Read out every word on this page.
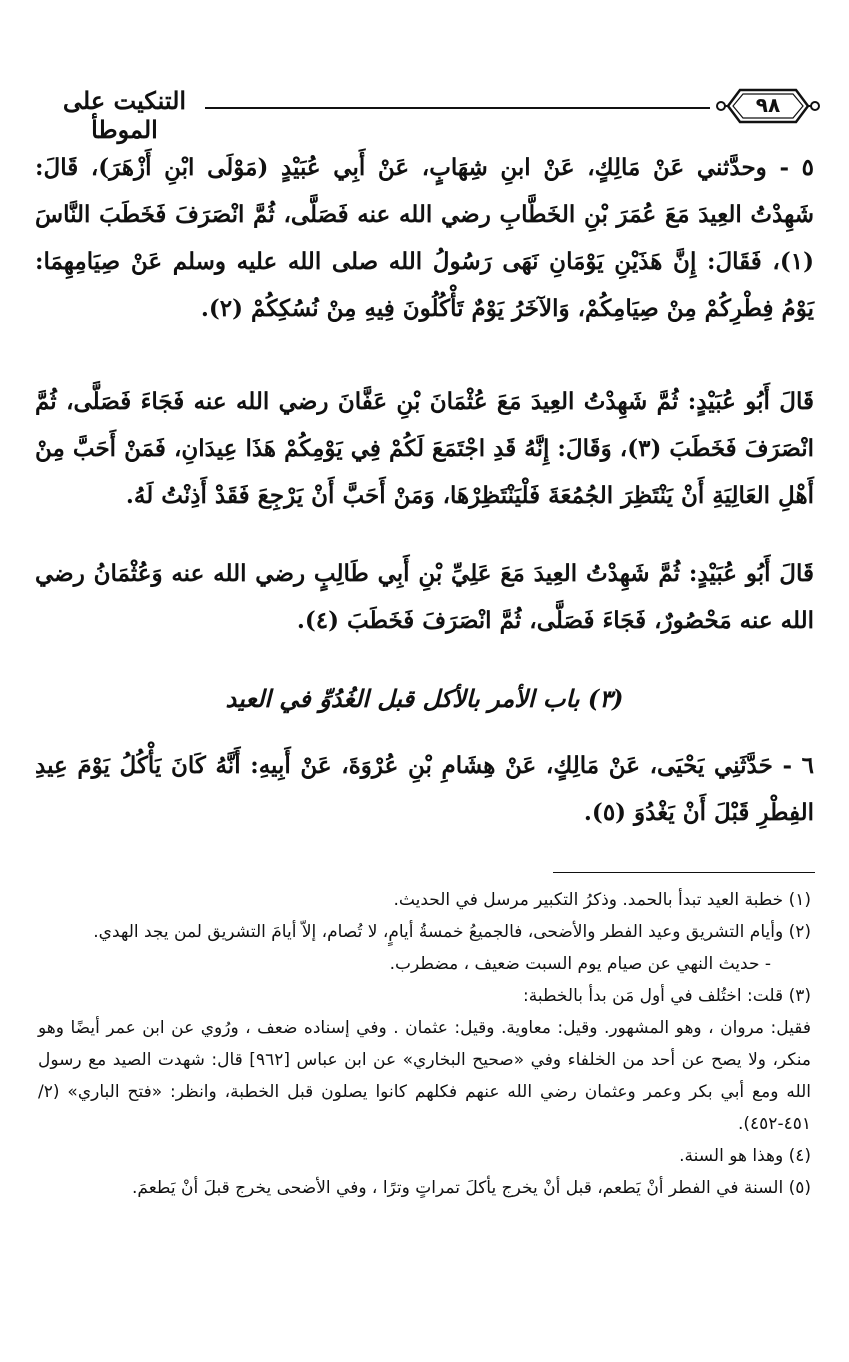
التنكيت على الموطأ
٩٨

٥ - وحدَّثني عَنْ مَالِكٍ، عَنْ ابنِ شِهَابٍ، عَنْ أَبِي عُبَيْدٍ (مَوْلَى ابْنِ أَزْهَرَ)، قَالَ: شَهِدْتُ العِيدَ مَعَ عُمَرَ بْنِ الخَطَّابِ رضي الله عنه فَصَلَّى، ثُمَّ انْصَرَفَ فَخَطَبَ النَّاسَ (١)، فَقَالَ: إِنَّ هَذَيْنِ يَوْمَانِ نَهَى رَسُولُ الله صلى الله عليه وسلم عَنْ صِيَامِهِمَا: يَوْمُ فِطْرِكُمْ مِنْ صِيَامِكُمْ، وَالآخَرُ يَوْمٌ تَأْكُلُونَ فِيهِ مِنْ نُسُكِكُمْ (٢).

قَالَ أَبُو عُبَيْدٍ: ثُمَّ شَهِدْتُ العِيدَ مَعَ عُثْمَانَ بْنِ عَفَّانَ رضي الله عنه فَجَاءَ فَصَلَّى، ثُمَّ انْصَرَفَ فَخَطَبَ (٣)، وَقَالَ: إِنَّهُ قَدِ اجْتَمَعَ لَكُمْ فِي يَوْمِكُمْ هَذَا عِيدَانِ، فَمَنْ أَحَبَّ مِنْ أَهْلِ العَالِيَةِ أَنْ يَنْتَظِرَ الجُمُعَةَ فَلْيَنْتَظِرْهَا، وَمَنْ أَحَبَّ أَنْ يَرْجِعَ فَقَدْ أَذِنْتُ لَهُ.

قَالَ أَبُو عُبَيْدٍ: ثُمَّ شَهِدْتُ العِيدَ مَعَ عَلِيِّ بْنِ أَبِي طَالِبٍ رضي الله عنه وَعُثْمَانُ رضي الله عنه مَحْصُورٌ، فَجَاءَ فَصَلَّى، ثُمَّ انْصَرَفَ فَخَطَبَ (٤).

(٣) باب الأمر بالأكل قبل الغُدُوِّ في العيد

٦ - حَدَّثَنِي يَحْيَى، عَنْ مَالِكٍ، عَنْ هِشَامِ بْنِ عُرْوَةَ، عَنْ أَبِيهِ: أَنَّهُ كَانَ يَأْكُلُ يَوْمَ عِيدِ الفِطْرِ قَبْلَ أَنْ يَغْدُوَ (٥).

(١) خطبة العيد تبدأ بالحمد. وذكرُ التكبير مرسل في الحديث.

(٢) وأيام التشريق وعيد الفطر والأضحى، فالجميعُ خمسةُ أيامٍ، لا تُصام، إلاّ أيامَ التشريق لمن يجد الهدي.

- حديث النهي عن صيام يوم السبت ضعيف ، مضطرب.

(٣) قلت: اختُلف في أول مَن بدأ بالخطبة:

فقيل: مروان ، وهو المشهور. وقيل: معاوية. وقيل: عثمان . وفي إسناده ضعف ، ورُوي عن ابن عمر أيضًا وهو منكر، ولا يصح عن أحد من الخلفاء وفي «صحيح البخاري» عن ابن عباس [٩٦٢] قال: شهدت الصيد مع رسول الله ومع أبي بكر وعمر وعثمان رضي الله عنهم فكلهم كانوا يصلون قبل الخطبة، وانظر: «فتح الباري» (٢/ ٤٥١-٤٥٢).

(٤) وهذا هو السنة.

(٥) السنة في الفطر أنْ يَطعم، قبل أنْ يخرج يأكلَ تمراتٍ وترًا ، وفي الأضحى يخرج قبلَ أنْ يَطعمَ.
